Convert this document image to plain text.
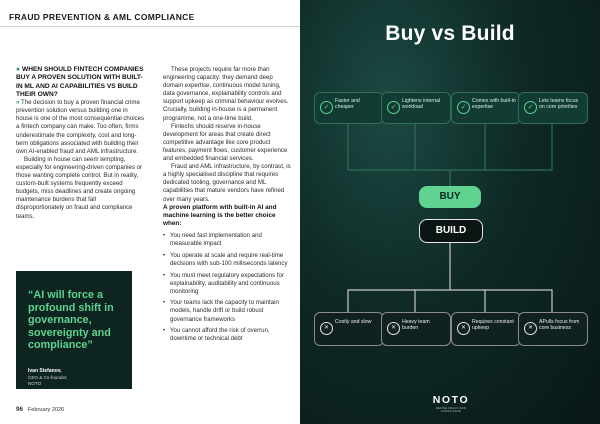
FRAUD PREVENTION & AML COMPLIANCE

● WHEN SHOULD FINTECH COMPANIES BUY A PROVEN SOLUTION WITH BUILT-IN ML AND AI CAPABILITIES VS BUILD THEIR OWN?

» The decision to buy a proven financial crime prevention solution versus building one in house is one of the most consequential choices a fintech company can make. Too often, firms underestimate the complexity, cost and long-term obligations associated with building their own AI-enabled fraud and AML infrastructure.

Building in house can seem tempting, especially for engineering-driven companies or those wanting complete control. But in reality, custom-built systems frequently exceed budgets, miss deadlines and create ongoing maintenance burdens that fall disproportionately on fraud and compliance teams.

These projects require far more than engineering capacity: they demand deep domain expertise, continuous model tuning, data governance, explainability controls and support upkeep as criminal behaviour evolves. Crucially, building in-house is a permanent programme, not a one-time build.

Fintechs should reserve in-house development for areas that create direct competitive advantage like core product features, payment flows, customer experience and embedded financial services.

Fraud and AML infrastructure, by contrast, is a highly specialised discipline that requires dedicated tooling, governance and ML capabilities that mature vendors have refined over many years.

A proven platform with built-in AI and machine learning is the better choice when:

• You need fast implementation and measurable impact
• You operate at scale and require real-time decisions with sub-100 milliseconds latency
• You must meet regulatory expectations for explainability, auditability and continuous monitoring
• Your teams lack the capacity to maintain models, handle drift or build robust governance frameworks
• You cannot afford the risk of overrun, downtime or technical debt
“AI will force a profound shift in governance, sovereignty and compliance”
Ivan Stefanov,
CEO & Co-founder,
NOTO
96 February 2026
Buy vs Build
✓
Faster and cheaper	✓
Lightens internal workload	✓
Comes with built-in expertise	✓
Lets teams focus on core priorities
BUY
BUILD
✕
Costly and slow
✕
Heavy team burden	✕
Requires constant upkeep	✕
APulls focus from core business
NOTO
DEFINE FRAUD AND COMPLIANCE
